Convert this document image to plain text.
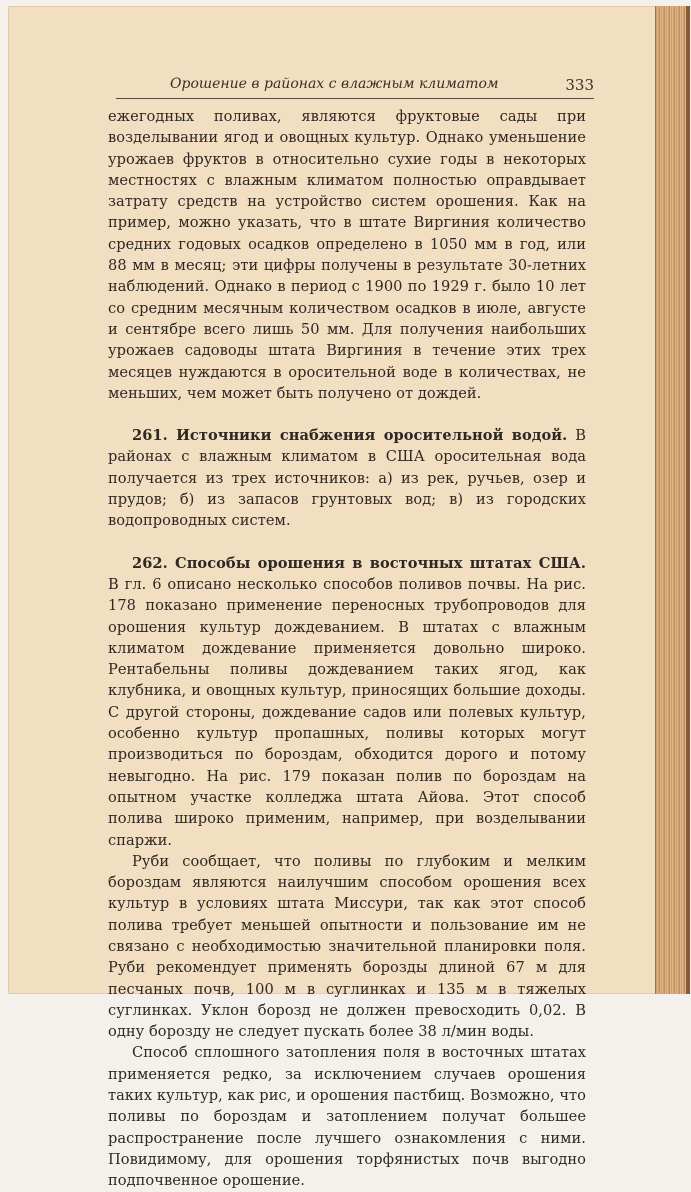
Орошение в районах с влажным климатом	333

ежегодных поливах, являются фруктовые сады при возделывании ягод и овощных культур. Однако уменьшение урожаев фруктов в относительно сухие годы в некоторых местностях с влажным климатом полностью оправдывает затрату средств на устройство систем орошения. Как на пример, можно указать, что в штате Виргиния количество средних годовых осадков определено в 1050 мм в год, или 88 мм в месяц; эти цифры получены в результате 30-летних наблюдений. Однако в период с 1900 по 1929 г. было 10 лет со средним месячным количеством осадков в июле, августе и сентябре всего лишь 50 мм. Для получения наибольших урожаев садоводы штата Виргиния в течение этих трех месяцев нуждаются в оросительной воде в количествах, не меньших, чем может быть получено от дождей.

261. Источники снабжения оросительной водой. В районах с влажным климатом в США оросительная вода получается из трех источников: а) из рек, ручьев, озер и прудов; б) из запасов грунтовых вод; в) из городских водопроводных систем.

262. Способы орошения в восточных штатах США. В гл. 6 описано несколько способов поливов почвы. На рис. 178 показано применение переносных трубопроводов для орошения культур дождеванием. В штатах с влажным климатом дождевание применяется довольно широко. Рентабельны поливы дождеванием таких ягод, как клубника, и овощных культур, приносящих большие доходы. С другой стороны, дождевание садов или полевых культур, особенно культур пропашных, поливы которых могут производиться по бороздам, обходится дорого и потому невыгодно. На рис. 179 показан полив по бороздам на опытном участке колледжа штата Айова. Этот способ полива широко применим, например, при возделывании спаржи.

Руби сообщает, что поливы по глубоким и мелким бороздам являются наилучшим способом орошения всех культур в условиях штата Миссури, так как этот способ полива требует меньшей опытности и пользование им не связано с необходимостью значительной планировки поля. Руби рекомендует применять борозды длиной 67 м для песчаных почв, 100 м в суглинках и 135 м в тяжелых суглинках. Уклон борозд не должен превосходить 0,02. В одну борозду не следует пускать более 38 л/мин воды.

Способ сплошного затопления поля в восточных штатах применяется редко, за исключением случаев орошения таких культур, как рис, и орошения пастбищ. Возможно, что поливы по бороздам и затоплением получат большее распространение после лучшего ознакомления с ними. Повидимому, для орошения торфянистых почв выгодно подпочвенное орошение.
